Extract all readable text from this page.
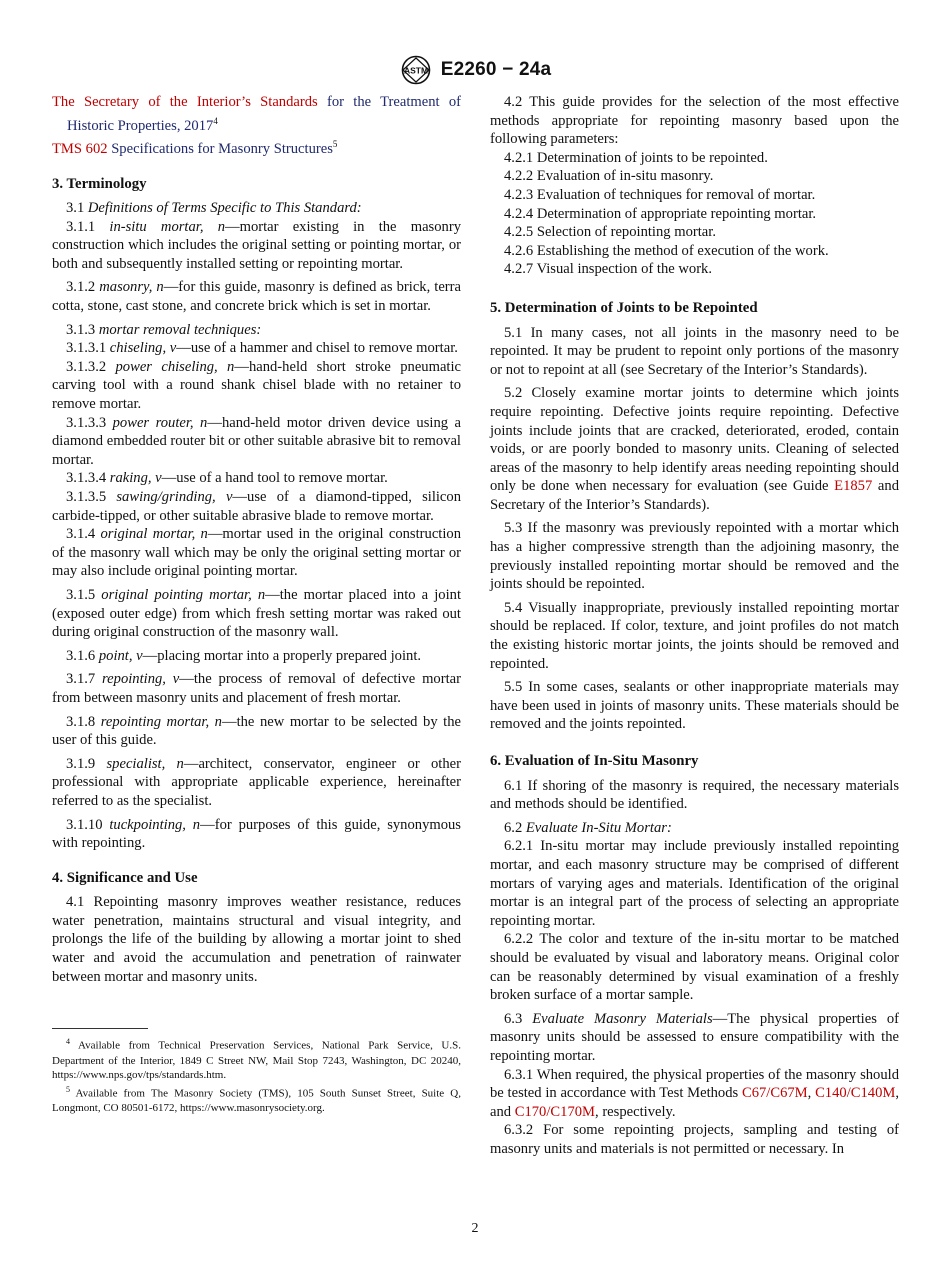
ASTM E2260 − 24a

The Secretary of the Interior’s Standards for the Treatment of Historic Properties, 2017$^4$

TMS 602 Specifications for Masonry Structures$^5$

3. Terminology

3.1 Definitions of Terms Specific to This Standard:

3.1.1 in-situ mortar, n—mortar existing in the masonry construction which includes the original setting or pointing mortar, or both and subsequently installed setting or repointing mortar.

3.1.2 masonry, n—for this guide, masonry is defined as brick, terra cotta, stone, cast stone, and concrete brick which is set in mortar.

3.1.3 mortar removal techniques:

3.1.3.1 chiseling, v—use of a hammer and chisel to remove mortar.

3.1.3.2 power chiseling, n—hand-held short stroke pneumatic carving tool with a round shank chisel blade with no retainer to remove mortar.

3.1.3.3 power router, n—hand-held motor driven device using a diamond embedded router bit or other suitable abrasive bit to removal mortar.

3.1.3.4 raking, v—use of a hand tool to remove mortar.

3.1.3.5 sawing/grinding, v—use of a diamond-tipped, silicon carbide-tipped, or other suitable abrasive blade to remove mortar.

3.1.4 original mortar, n—mortar used in the original construction of the masonry wall which may be only the original setting mortar or may also include original pointing mortar.

3.1.5 original pointing mortar, n—the mortar placed into a joint (exposed outer edge) from which fresh setting mortar was raked out during original construction of the masonry wall.

3.1.6 point, v—placing mortar into a properly prepared joint.

3.1.7 repointing, v—the process of removal of defective mortar from between masonry units and placement of fresh mortar.

3.1.8 repointing mortar, n—the new mortar to be selected by the user of this guide.

3.1.9 specialist, n—architect, conservator, engineer or other professional with appropriate applicable experience, hereinafter referred to as the specialist.

3.1.10 tuckpointing, n—for purposes of this guide, synonymous with repointing.

4. Significance and Use

4.1 Repointing masonry improves weather resistance, reduces water penetration, maintains structural and visual integrity, and prolongs the life of the building by allowing a mortar joint to shed water and avoid the accumulation and penetration of rainwater between mortar and masonry units.

$^4$ Available from Technical Preservation Services, National Park Service, U.S. Department of the Interior, 1849 C Street NW, Mail Stop 7243, Washington, DC 20240, https://www.nps.gov/tps/standards.htm.

$^5$ Available from The Masonry Society (TMS), 105 South Sunset Street, Suite Q, Longmont, CO 80501-6172, https://www.masonrysociety.org.

4.2 This guide provides for the selection of the most effective methods appropriate for repointing masonry based upon the following parameters:

4.2.1 Determination of joints to be repointed.

4.2.2 Evaluation of in-situ masonry.

4.2.3 Evaluation of techniques for removal of mortar.

4.2.4 Determination of appropriate repointing mortar.

4.2.5 Selection of repointing mortar.

4.2.6 Establishing the method of execution of the work.

4.2.7 Visual inspection of the work.

5. Determination of Joints to be Repointed

5.1 In many cases, not all joints in the masonry need to be repointed. It may be prudent to repoint only portions of the masonry or not to repoint at all (see Secretary of the Interior’s Standards).

5.2 Closely examine mortar joints to determine which joints require repointing. Defective joints require repointing. Defective joints include joints that are cracked, deteriorated, eroded, contain voids, or are poorly bonded to masonry units. Cleaning of selected areas of the masonry to help identify areas needing repointing should only be done when necessary for evaluation (see Guide E1857 and Secretary of the Interior’s Standards).

5.3 If the masonry was previously repointed with a mortar which has a higher compressive strength than the adjoining masonry, the previously installed repointing mortar should be removed and the joints should be repointed.

5.4 Visually inappropriate, previously installed repointing mortar should be replaced. If color, texture, and joint profiles do not match the existing historic mortar joints, the joints should be removed and repointed.

5.5 In some cases, sealants or other inappropriate materials may have been used in joints of masonry units. These materials should be removed and the joints repointed.

6. Evaluation of In-Situ Masonry

6.1 If shoring of the masonry is required, the necessary materials and methods should be identified.

6.2 Evaluate In-Situ Mortar:

6.2.1 In-situ mortar may include previously installed repointing mortar, and each masonry structure may be comprised of different mortars of varying ages and materials. Identification of the original mortar is an integral part of the process of selecting an appropriate repointing mortar.

6.2.2 The color and texture of the in-situ mortar to be matched should be evaluated by visual and laboratory means. Original color can be reasonably determined by visual examination of a freshly broken surface of a mortar sample.

6.3 Evaluate Masonry Materials—The physical properties of masonry units should be assessed to ensure compatibility with the repointing mortar.

6.3.1 When required, the physical properties of the masonry should be tested in accordance with Test Methods C67/C67M, C140/C140M, and C170/C170M, respectively.

6.3.2 For some repointing projects, sampling and testing of masonry units and materials is not permitted or necessary. In

2
